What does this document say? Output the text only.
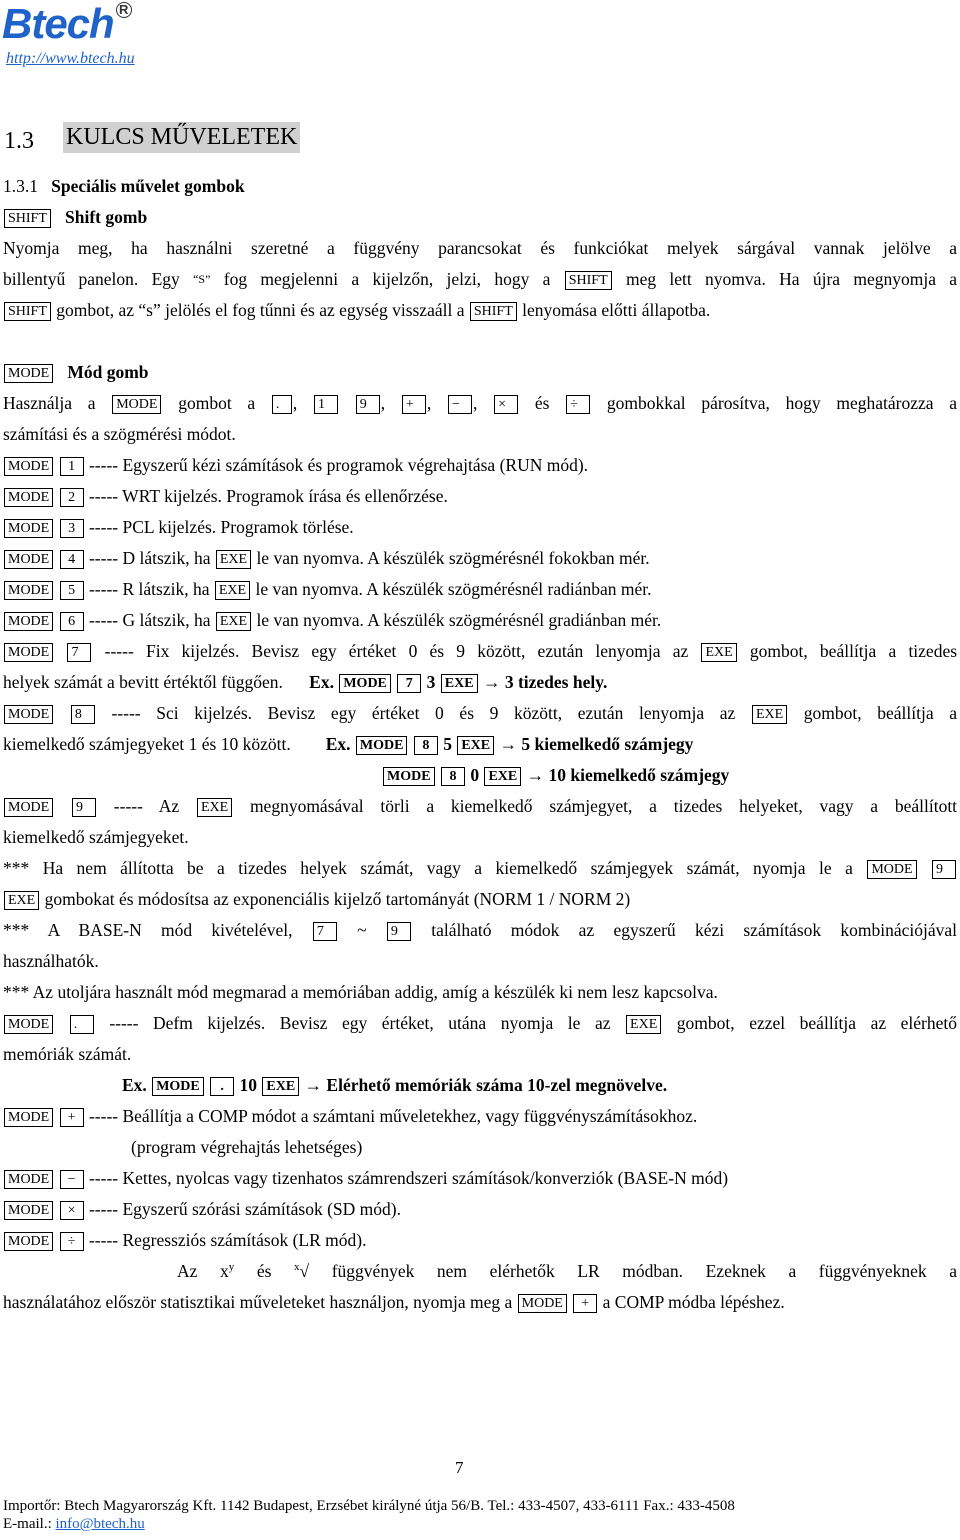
Btech R
http://www.btech.hu
1.3 KULCS MŰVELETEK
1.3.1 Speciális művelet gombok
SHIFT Shift gomb
Nyomja meg, ha használni szeretné a függvény parancsokat és funkciókat melyek sárgával vannak jelölve a
billentyű panelon. Egy “S” fog megjelenni a kijelzőn, jelzi, hogy a SHIFT meg lett nyomva. Ha újra megnyomja a
SHIFT gombot, az “s” jelölés el fog tűnni és az egység visszaáll a SHIFT lenyomása előtti állapotba.
MODE Mód gomb
Használja a MODE gombot a . , 1 9 , + , − , × és ÷ gombokkal párosítva, hogy meghatározza a
számítási és a szögmérési módot.
MODE 1 ----- Egyszerű kézi számítások és programok végrehajtása (RUN mód).
MODE 2 ----- WRT kijelzés. Programok írása és ellenőrzése.
MODE 3 ----- PCL kijelzés. Programok törlése.
MODE 4 ----- D látszik, ha EXE le van nyomva. A készülék szögmérésnél fokokban mér.
MODE 5 ----- R látszik, ha EXE le van nyomva. A készülék szögmérésnél radiánban mér.
MODE 6 ----- G látszik, ha EXE le van nyomva. A készülék szögmérésnél gradiánban mér.
MODE 7 ----- Fix kijelzés. Bevisz egy értéket 0 és 9 között, ezután lenyomja az EXE gombot, beállítja a tizedes
helyek számát a bevitt értéktől függően. Ex. MODE 7 3 EXE → 3 tizedes hely.
MODE 8 ----- Sci kijelzés. Bevisz egy értéket 0 és 9 között, ezután lenyomja az EXE gombot, beállítja a
kiemelkedő számjegyeket 1 és 10 között. Ex. MODE 8 5 EXE → 5 kiemelkedő számjegy
MODE 8 0 EXE → 10 kiemelkedő számjegy
MODE 9 ----- Az EXE megnyomásával törli a kiemelkedő számjegyet, a tizedes helyeket, vagy a beállított
kiemelkedő számjegyeket.
*** Ha nem állította be a tizedes helyek számát, vagy a kiemelkedő számjegyek számát, nyomja le a MODE 9
EXE gombokat és módosítsa az exponenciális kijelző tartományát (NORM 1 / NORM 2)
*** A BASE-N mód kivételével, 7 ~ 9 található módok az egyszerű kézi számítások kombinációjával
használhatók.
*** Az utoljára használt mód megmarad a memóriában addig, amíg a készülék ki nem lesz kapcsolva.
MODE . ----- Defm kijelzés. Bevisz egy értéket, utána nyomja le az EXE gombot, ezzel beállítja az elérhető
memóriák számát.
Ex. MODE . 10 EXE → Elérhető memóriák száma 10-zel megnövelve.
MODE + ----- Beállítja a COMP módot a számtani műveletekhez, vagy függvényszámításokhoz.
(program végrehajtás lehetséges)
MODE − ----- Kettes, nyolcas vagy tizenhatos számrendszeri számítások/konverziók (BASE-N mód)
MODE × ----- Egyszerű szórási számítások (SD mód).
MODE ÷ ----- Regressziós számítások (LR mód).
Az $x^y$ és $^x$√ függvények nem elérhetők LR módban. Ezeknek a függvényeknek a
használatához először statisztikai műveleteket használjon, nyomja meg a MODE + a COMP módba lépéshez.
7
Importőr: Btech Magyarország Kft. 1142 Budapest, Erzsébet királyné útja 56/B. Tel.: 433-4507, 433-6111 Fax.: 433-4508
E-mail.: info@btech.hu
